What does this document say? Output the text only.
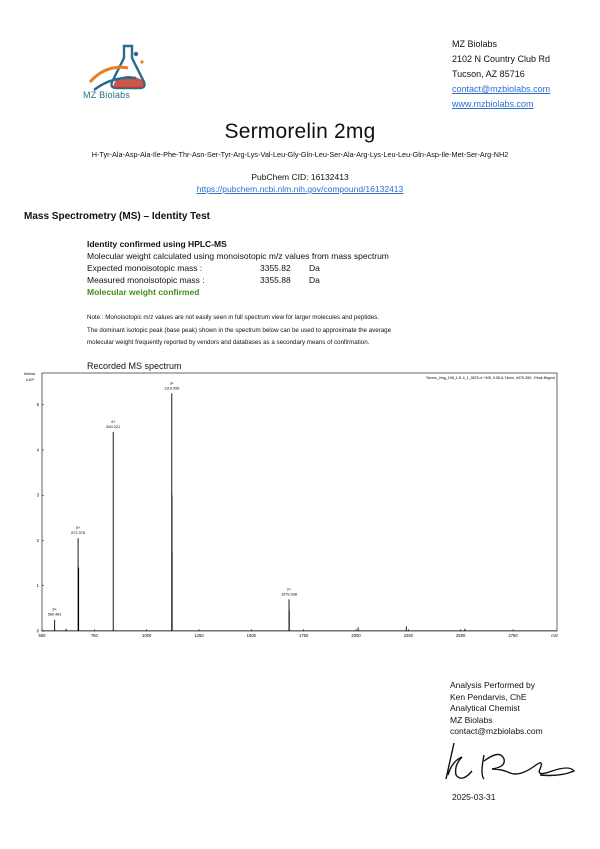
MZ Biolabs
MZ Biolabs
2102 N Country Club Rd
Tucson, AZ 85716
contact@mzbiolabs.com
www.mzbiolabs.com
Sermorelin 2mg
H-Tyr-Ala-Asp-Ala-Ile-Phe-Thr-Asn-Ser-Tyr-Arg-Lys-Val-Leu-Gly-Gln-Leu-Ser-Ala-Arg-Lys-Leu-Leu-Gln-Asp-Ile-Met-Ser-Arg-NH2
PubChem CID: 16132413
https://pubchem.ncbi.nlm.nih.gov/compound/16132413
Mass Spectrometry (MS) – Identity Test
Identity confirmed using HPLC-MS
Molecular weight calculated using monoisotopic m/z values from mass spectrum
Expected monoisotopic mass :	3355.82	Da
Measured monoisotopic mass :	3355.88	Da
Molecular weight confirmed
Note : Monoisotopic m/z values are not easily seen in full spectrum view for larger molecules and peptides.
The dominant isotopic peak (base peak) shown in the spectrum below can be used to approximate the average
molecular weight frequently reported by vendors and databases as a secondary means of confirmation.
Recorded MS spectrum
Sermo_2mg_108_1-E-4_1_9675.d: +MS, 6.55-6.74min, #379-390, -Peak Bkgrnd
Intens.
x10⁸
0
1
2
3
4
5
500	750	1000	1250	1500	1750	2000	2250	2500	2750	m/z
6+
560.481
5+
672.378
4+
840.221
3+
1119.959
2+
1679.938
Analysis Performed by
Ken Pendarvis, ChE
Analytical Chemist
MZ Biolabs
contact@mzbiolabs.com
2025-03-31
